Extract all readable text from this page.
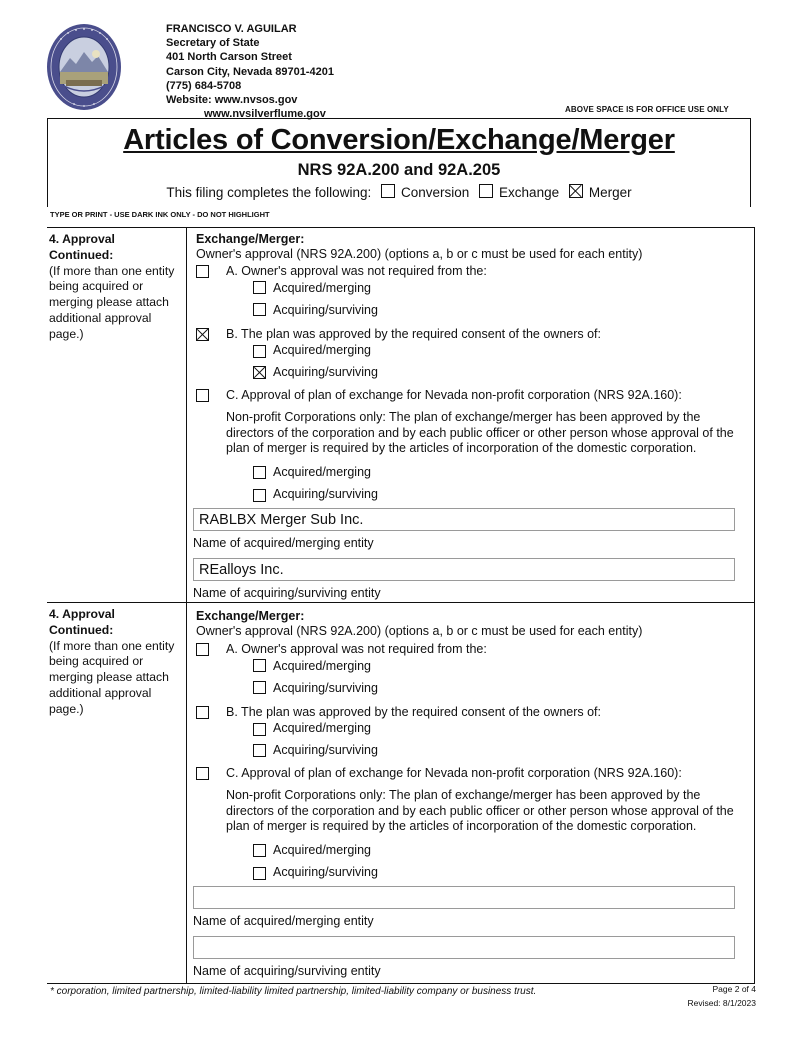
FRANCISCO V. AGUILAR
Secretary of State
401 North Carson Street
Carson City, Nevada 89701-4201
(775) 684-5708
Website: www.nvsos.gov
www.nvsilverflume.gov	ABOVE SPACE IS FOR OFFICE USE ONLY
Articles of Conversion/Exchange/Merger
NRS 92A.200 and 92A.205
This filing completes the following: Conversion Exchange Merger
TYPE OR PRINT - USE DARK INK ONLY - DO NOT HIGHLIGHT
4. Approval
Continued:
(If more than one entity
being acquired or
merging please attach
additional approval
page.)
Exchange/Merger:
Owner's approval (NRS 92A.200) (options a, b or c must be used for each entity)
A. Owner's approval was not required from the:
Acquired/merging
Acquiring/surviving
B. The plan was approved by the required consent of the owners of:
Acquired/merging
Acquiring/surviving
C. Approval of plan of exchange for Nevada non-profit corporation (NRS 92A.160):
Non-profit Corporations only: The plan of exchange/merger has been approved by the directors of the corporation and by each public officer or other person whose approval of the plan of merger is required by the articles of incorporation of the domestic corporation.
Acquired/merging
Acquiring/surviving
RABLBX Merger Sub Inc.
Name of acquired/merging entity
REalloys Inc.
Name of acquiring/surviving entity
4. Approval
Continued:
(If more than one entity
being acquired or
merging please attach
additional approval
page.)
Exchange/Merger:
Owner's approval (NRS 92A.200) (options a, b or c must be used for each entity)
A. Owner's approval was not required from the:
Acquired/merging
Acquiring/surviving
B. The plan was approved by the required consent of the owners of:
Acquired/merging
Acquiring/surviving
C. Approval of plan of exchange for Nevada non-profit corporation (NRS 92A.160):
Non-profit Corporations only: The plan of exchange/merger has been approved by the directors of the corporation and by each public officer or other person whose approval of the plan of merger is required by the articles of incorporation of the domestic corporation.
Acquired/merging
Acquiring/surviving
Name of acquired/merging entity
Name of acquiring/surviving entity
* corporation, limited partnership, limited-liability limited partnership, limited-liability company or business trust.	Page 2 of 4
Revised: 8/1/2023
